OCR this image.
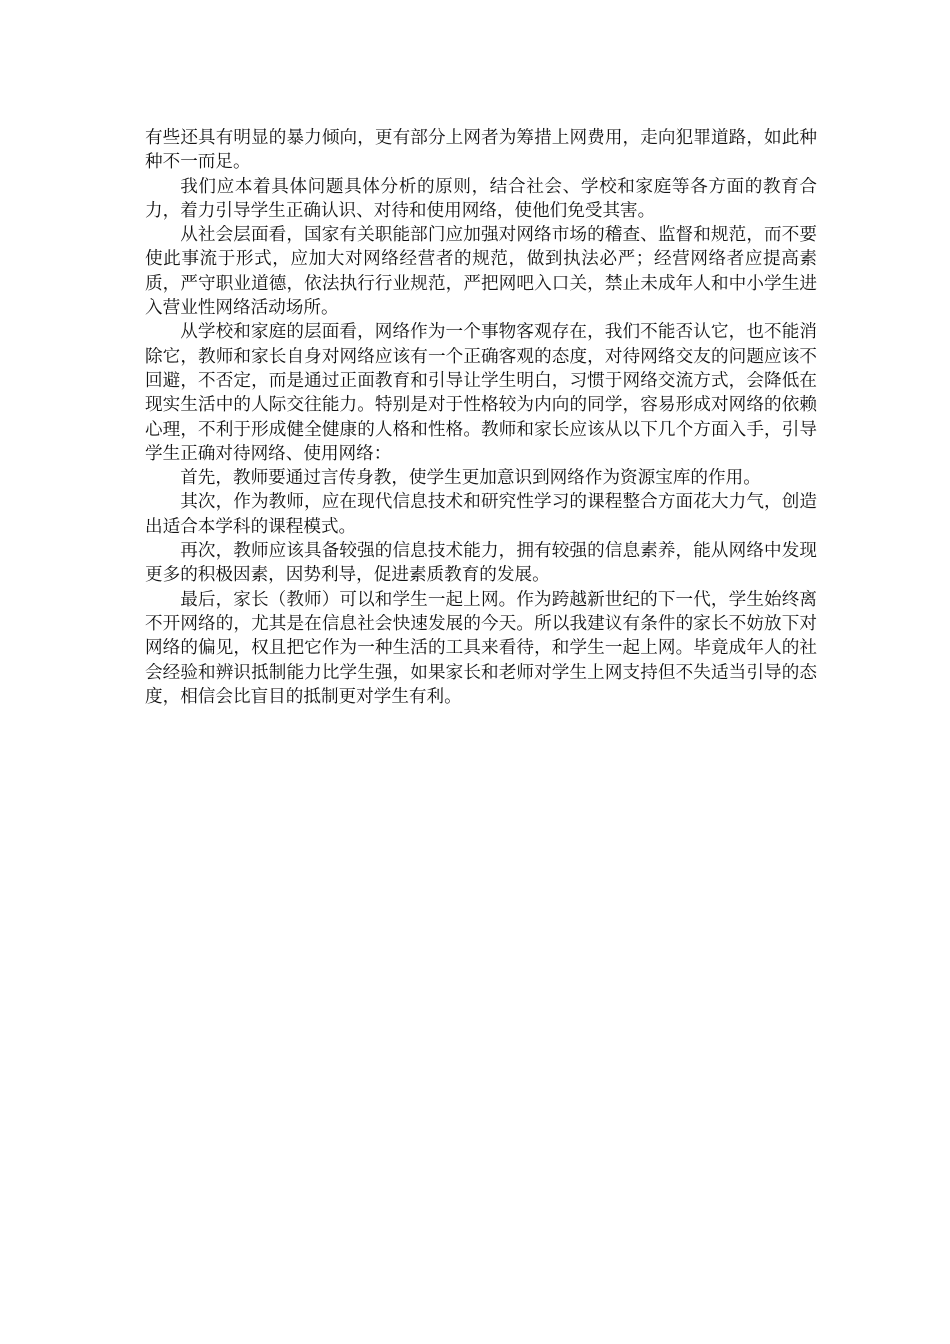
有些还具有明显的暴力倾向，更有部分上网者为筹措上网费用，走向犯罪道路，如此种种不一而足。

我们应本着具体问题具体分析的原则，结合社会、学校和家庭等各方面的教育合力，着力引导学生正确认识、对待和使用网络，使他们免受其害。

从社会层面看，国家有关职能部门应加强对网络市场的稽查、监督和规范，而不要使此事流于形式，应加大对网络经营者的规范，做到执法必严；经营网络者应提高素质，严守职业道德，依法执行行业规范，严把网吧入口关，禁止未成年人和中小学生进入营业性网络活动场所。

从学校和家庭的层面看，网络作为一个事物客观存在，我们不能否认它，也不能消除它，教师和家长自身对网络应该有一个正确客观的态度，对待网络交友的问题应该不回避，不否定，而是通过正面教育和引导让学生明白，习惯于网络交流方式，会降低在现实生活中的人际交往能力。特别是对于性格较为内向的同学，容易形成对网络的依赖心理，不利于形成健全健康的人格和性格。教师和家长应该从以下几个方面入手，引导学生正确对待网络、使用网络：

首先，教师要通过言传身教，使学生更加意识到网络作为资源宝库的作用。

其次，作为教师，应在现代信息技术和研究性学习的课程整合方面花大力气，创造出适合本学科的课程模式。

再次，教师应该具备较强的信息技术能力，拥有较强的信息素养，能从网络中发现更多的积极因素，因势利导，促进素质教育的发展。

最后，家长（教师）可以和学生一起上网。作为跨越新世纪的下一代，学生始终离不开网络的，尤其是在信息社会快速发展的今天。所以我建议有条件的家长不妨放下对网络的偏见，权且把它作为一种生活的工具来看待，和学生一起上网。毕竟成年人的社会经验和辨识抵制能力比学生强，如果家长和老师对学生上网支持但不失适当引导的态度，相信会比盲目的抵制更对学生有利。
